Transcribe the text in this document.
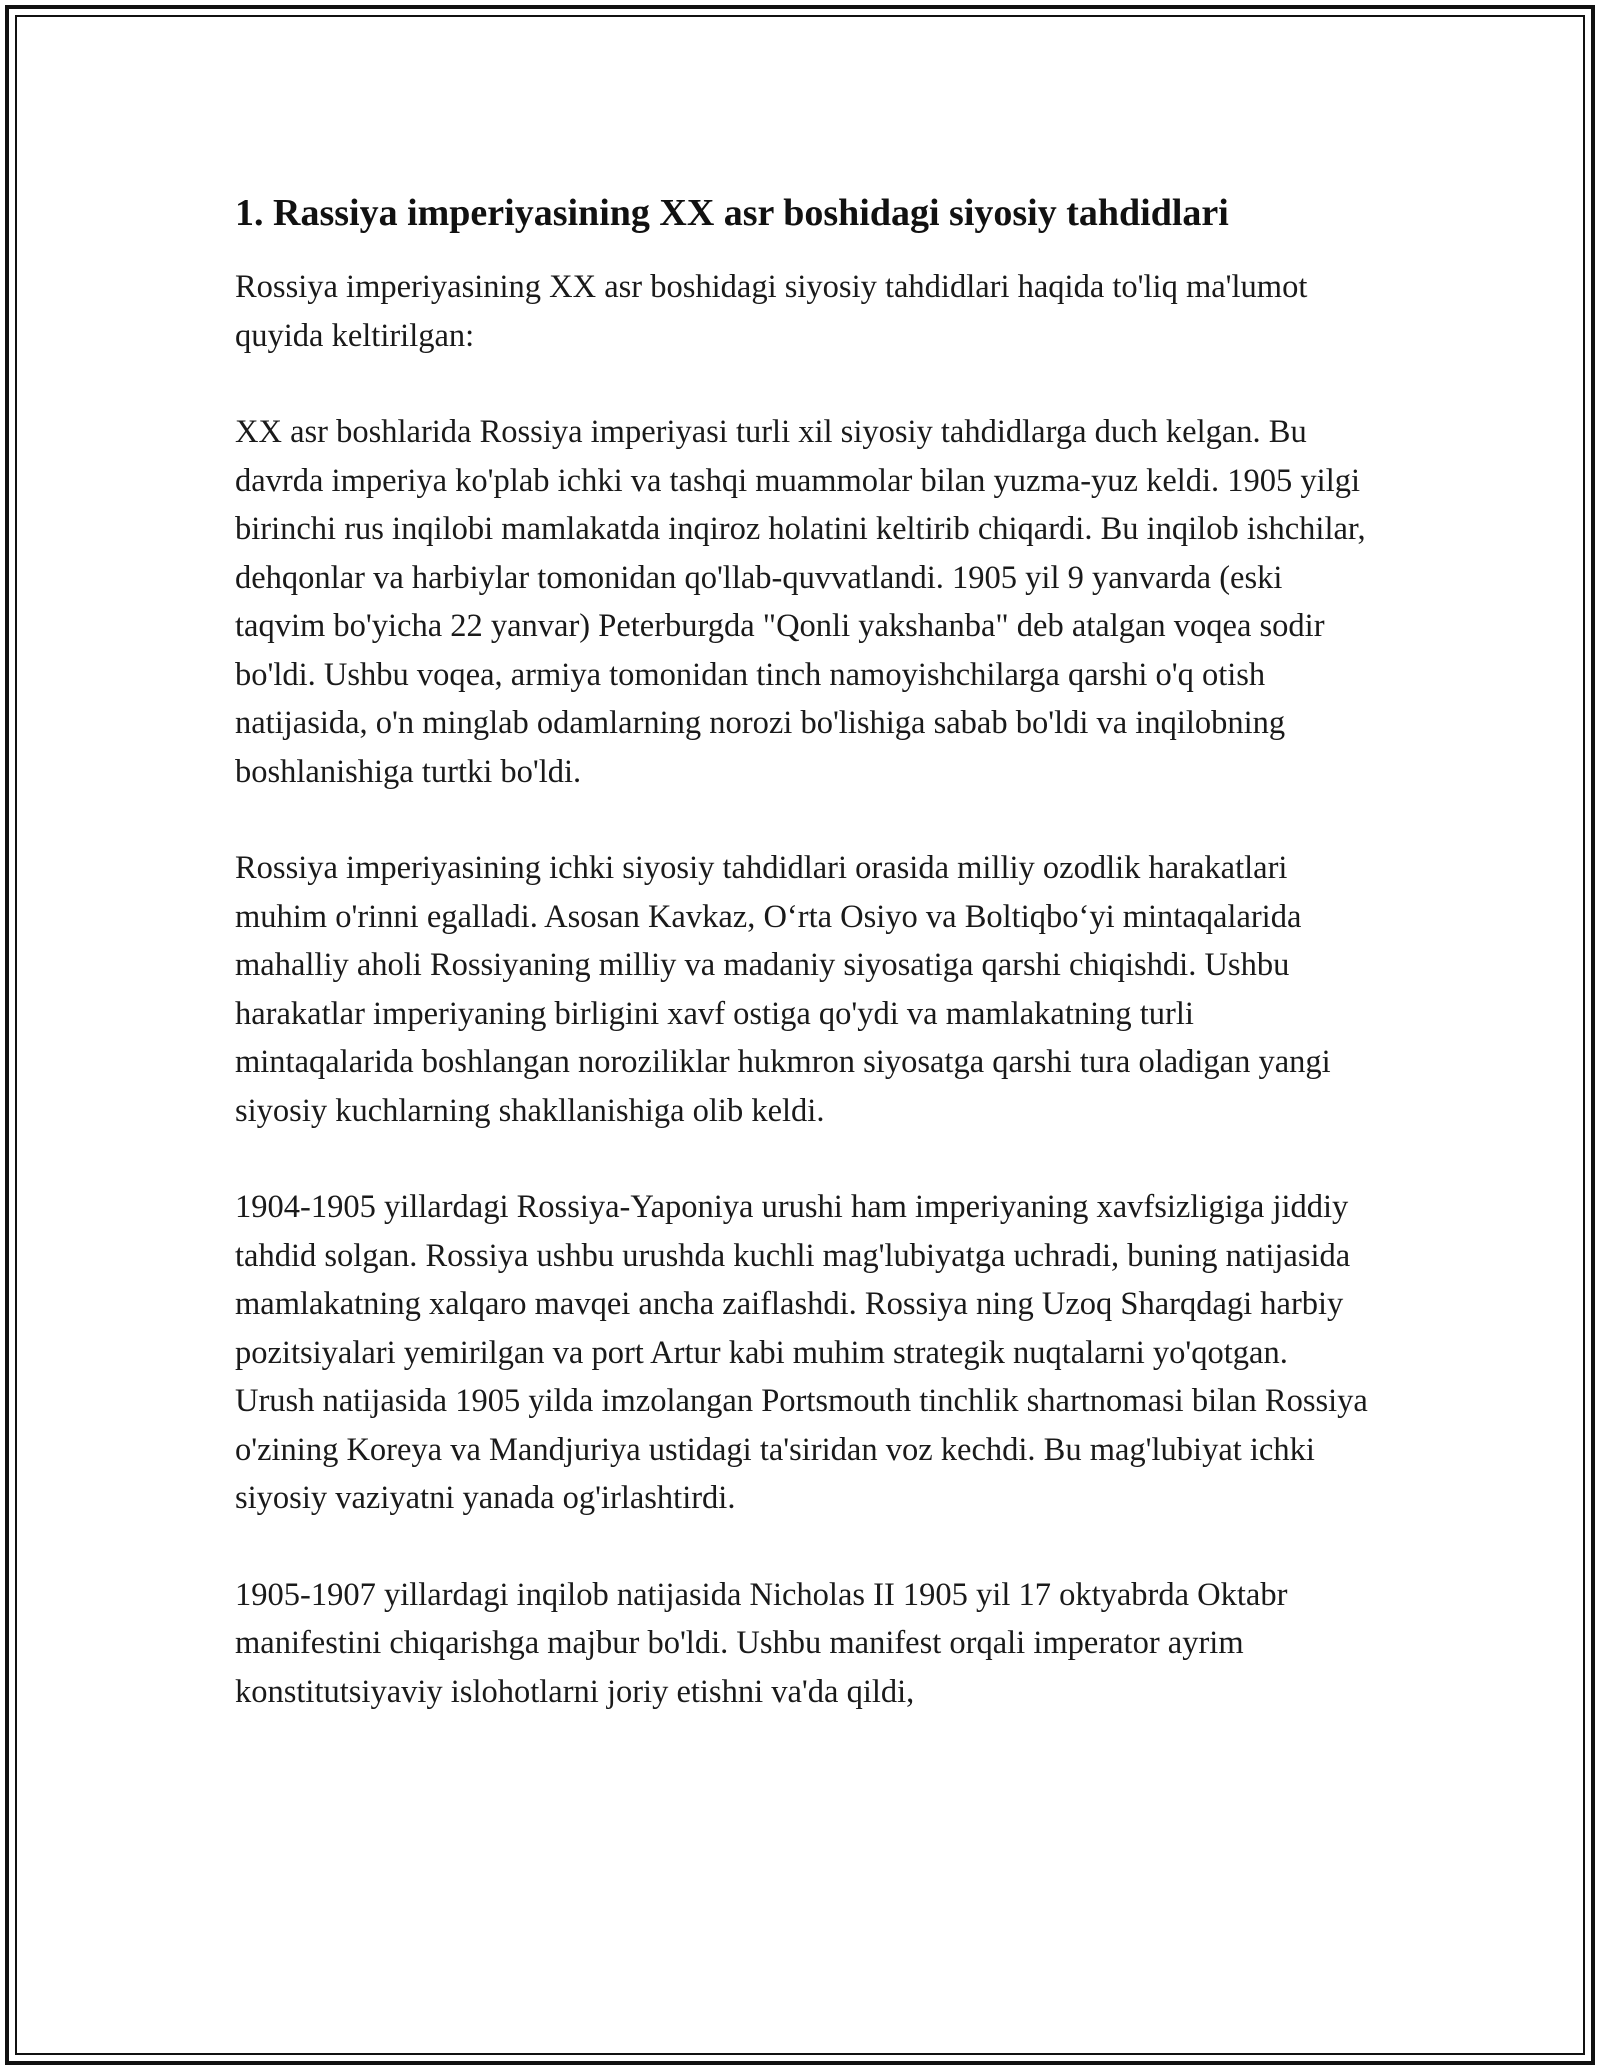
1. Rassiya imperiyasining XX asr boshidagi siyosiy tahdidlari

Rossiya imperiyasining XX asr boshidagi siyosiy tahdidlari haqida to'liq ma'lumot quyida keltirilgan:

XX asr boshlarida Rossiya imperiyasi turli xil siyosiy tahdidlarga duch kelgan. Bu davrda imperiya ko'plab ichki va tashqi muammolar bilan yuzma-yuz keldi. 1905 yilgi birinchi rus inqilobi mamlakatda inqiroz holatini keltirib chiqardi. Bu inqilob ishchilar, dehqonlar va harbiylar tomonidan qo'llab-quvvatlandi. 1905 yil 9 yanvarda (eski taqvim bo'yicha 22 yanvar) Peterburgda "Qonli yakshanba" deb atalgan voqea sodir bo'ldi. Ushbu voqea, armiya tomonidan tinch namoyishchilarga qarshi o'q otish natijasida, o'n minglab odamlarning norozi bo'lishiga sabab bo'ldi va inqilobning boshlanishiga turtki bo'ldi.

Rossiya imperiyasining ichki siyosiy tahdidlari orasida milliy ozodlik harakatlari muhim o'rinni egalladi. Asosan Kavkaz, O‘rta Osiyo va Boltiqbo‘yi mintaqalarida mahalliy aholi Rossiyaning milliy va madaniy siyosatiga qarshi chiqishdi. Ushbu harakatlar imperiyaning birligini xavf ostiga qo'ydi va mamlakatning turli mintaqalarida boshlangan noroziliklar hukmron siyosatga qarshi tura oladigan yangi siyosiy kuchlarning shakllanishiga olib keldi.

1904-1905 yillardagi Rossiya-Yaponiya urushi ham imperiyaning xavfsizligiga jiddiy tahdid solgan. Rossiya ushbu urushda kuchli mag'lubiyatga uchradi, buning natijasida mamlakatning xalqaro mavqei ancha zaiflashdi. Rossiya ning Uzoq Sharqdagi harbiy pozitsiyalari yemirilgan va port Artur kabi muhim strategik nuqtalarni yo'qotgan. Urush natijasida 1905 yilda imzolangan Portsmouth tinchlik shartnomasi bilan Rossiya o'zining Koreya va Mandjuriya ustidagi ta'siridan voz kechdi. Bu mag'lubiyat ichki siyosiy vaziyatni yanada og'irlashtirdi.

1905-1907 yillardagi inqilob natijasida Nicholas II 1905 yil 17 oktyabrda Oktabr manifestini chiqarishga majbur bo'ldi. Ushbu manifest orqali imperator ayrim konstitutsiyaviy islohotlarni joriy etishni va'da qildi,
